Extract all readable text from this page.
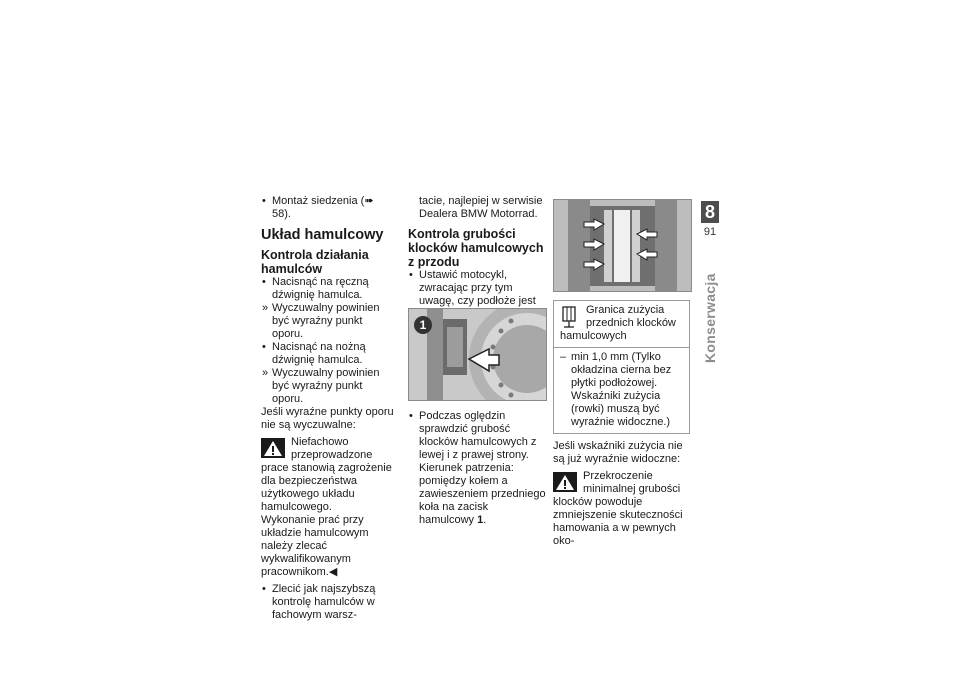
• Montaż siedzenia (➠ 58).

Układ hamulcowy
Kontrola działania hamulców

• Nacisnąć na ręczną dźwignię hamulca.

» Wyczuwalny powinien być wyraźny punkt oporu.

• Nacisnąć na nożną dźwignię hamulca.

» Wyczuwalny powinien być wyraźny punkt oporu.

Jeśli wyraźne punkty oporu nie są wyczuwalne:

Niefachowo przeprowadzone prace stanowią zagrożenie dla bezpieczeństwa użytkowego układu hamulcowego.

Wykonanie prać przy układzie hamulcowym należy zlecać wykwalifikowanym pracownikom.◀

• Zlecić jak najszybszą kontrolę hamulców w fachowym warsz-

tacie, najlepiej w serwisie Dealera BMW Motorrad.

Kontrola grubości klocków hamulcowych z przodu

• Ustawić motocykl, zwracając przy tym uwagę, czy podłoże jest

1

• Podczas oględzin sprawdzić grubość klocków hamulcowych z lewej i z prawej strony. Kierunek patrzenia: pomiędzy kołem a zawieszeniem przedniego koła na zacisk hamulcowy 1.

Granica zużycia przednich klocków hamulcowych

– min 1,0 mm (Tylko okładzina cierna bez płytki podłożowej. Wskaźniki zużycia (rowki) muszą być wyraźnie widoczne.)

Jeśli wskaźniki zużycia nie są już wyraźnie widoczne:

Przekroczenie minimalnej grubości klocków powoduje zmniejszenie skuteczności hamowania a w pewnych oko-

8
91
Konserwacja
